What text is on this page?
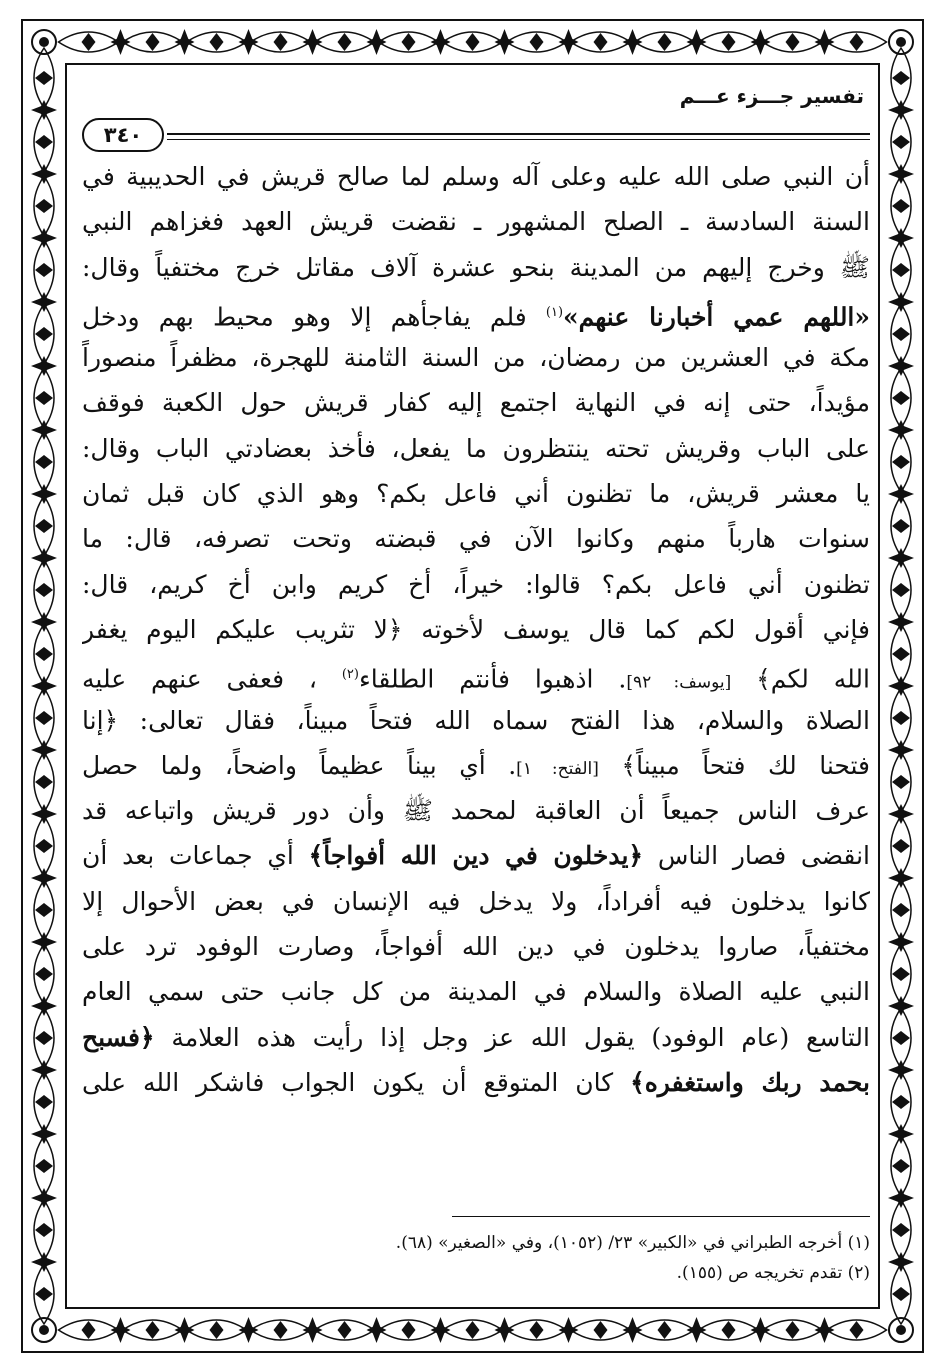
تفسير جـــزء عـــم
٣٤٠
أن النبي صلى الله عليه وعلى آله وسلم لما صالح قريش في الحديبية في
السنة السادسة ـ الصلح المشهور ـ نقضت قريش العهد فغزاهم النبي
ﷺ وخرج إليهم من المدينة بنحو عشرة آلاف مقاتل خرج مختفياً وقال:
«اللهم عمي أخبارنا عنهم»$^{(١)}$ فلم يفاجأهم إلا وهو محيط بهم ودخل
مكة في العشرين من رمضان، من السنة الثامنة للهجرة، مظفراً منصوراً
مؤيداً، حتى إنه في النهاية اجتمع إليه كفار قريش حول الكعبة فوقف
على الباب وقريش تحته ينتظرون ما يفعل، فأخذ بعضادتي الباب وقال:
يا معشر قريش، ما تظنون أني فاعل بكم؟ وهو الذي كان قبل ثمان
سنوات هارباً منهم وكانوا الآن في قبضته وتحت تصرفه، قال: ما
تظنون أني فاعل بكم؟ قالوا: خيراً، أخ كريم وابن أخ كريم، قال:
فإني أقول لكم كما قال يوسف لأخوته ﴿لا تثريب عليكم اليوم يغفر
الله لكم﴾ [يوسف: ٩٢]. اذهبوا فأنتم الطلقاء$^{(٢)}$ ، فعفى عنهم عليه
الصلاة والسلام، هذا الفتح سماه الله فتحاً مبيناً، فقال تعالى: ﴿إنا
فتحنا لك فتحاً مبيناً﴾ [الفتح: ١]. أي بيناً عظيماً واضحاً، ولما حصل
عرف الناس جميعاً أن العاقبة لمحمد ﷺ وأن دور قريش واتباعه قد
انقضى فصار الناس ﴿يدخلون في دين الله أفواجاً﴾ أي جماعات بعد أن
كانوا يدخلون فيه أفراداً، ولا يدخل فيه الإنسان في بعض الأحوال إلا
مختفياً، صاروا يدخلون في دين الله أفواجاً، وصارت الوفود ترد على
النبي عليه الصلاة والسلام في المدينة من كل جانب حتى سمي العام
التاسع (عام الوفود) يقول الله عز وجل إذا رأيت هذه العلامة ﴿فسبح
بحمد ربك واستغفره﴾ كان المتوقع أن يكون الجواب فاشكر الله على
(١) أخرجه الطبراني في «الكبير» ٢٣/ (١٠٥٢)، وفي «الصغير» (٦٨).
(٢) تقدم تخريجه ص (١٥٥).
